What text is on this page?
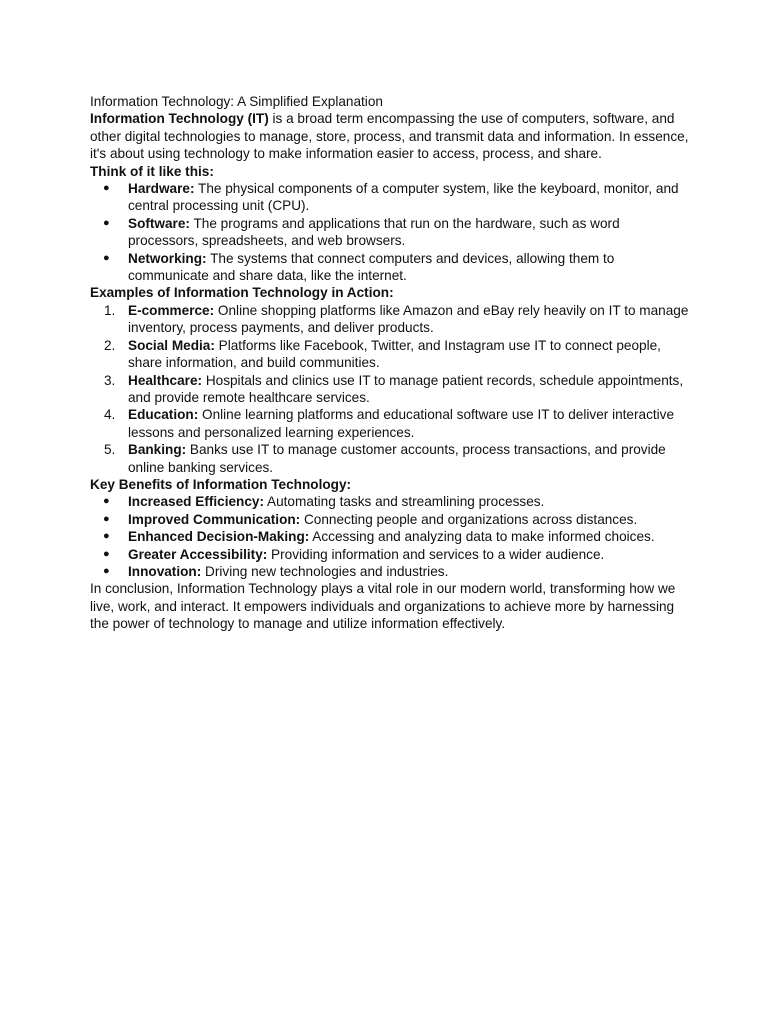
Information Technology: A Simplified Explanation

Information Technology (IT) is a broad term encompassing the use of computers, software, and other digital technologies to manage, store, process, and transmit data and information. In essence, it's about using technology to make information easier to access, process, and share.

Think of it like this:

● Hardware: The physical components of a computer system, like the keyboard, monitor, and central processing unit (CPU).
● Software: The programs and applications that run on the hardware, such as word processors, spreadsheets, and web browsers.
● Networking: The systems that connect computers and devices, allowing them to communicate and share data, like the internet.

Examples of Information Technology in Action:

1. E-commerce: Online shopping platforms like Amazon and eBay rely heavily on IT to manage inventory, process payments, and deliver products.
2. Social Media: Platforms like Facebook, Twitter, and Instagram use IT to connect people, share information, and build communities.
3. Healthcare: Hospitals and clinics use IT to manage patient records, schedule appointments, and provide remote healthcare services.
4. Education: Online learning platforms and educational software use IT to deliver interactive lessons and personalized learning experiences.
5. Banking: Banks use IT to manage customer accounts, process transactions, and provide online banking services.

Key Benefits of Information Technology:

● Increased Efficiency: Automating tasks and streamlining processes.
● Improved Communication: Connecting people and organizations across distances.
● Enhanced Decision-Making: Accessing and analyzing data to make informed choices.
● Greater Accessibility: Providing information and services to a wider audience.
● Innovation: Driving new technologies and industries.

In conclusion, Information Technology plays a vital role in our modern world, transforming how we live, work, and interact. It empowers individuals and organizations to achieve more by harnessing the power of technology to manage and utilize information effectively.
